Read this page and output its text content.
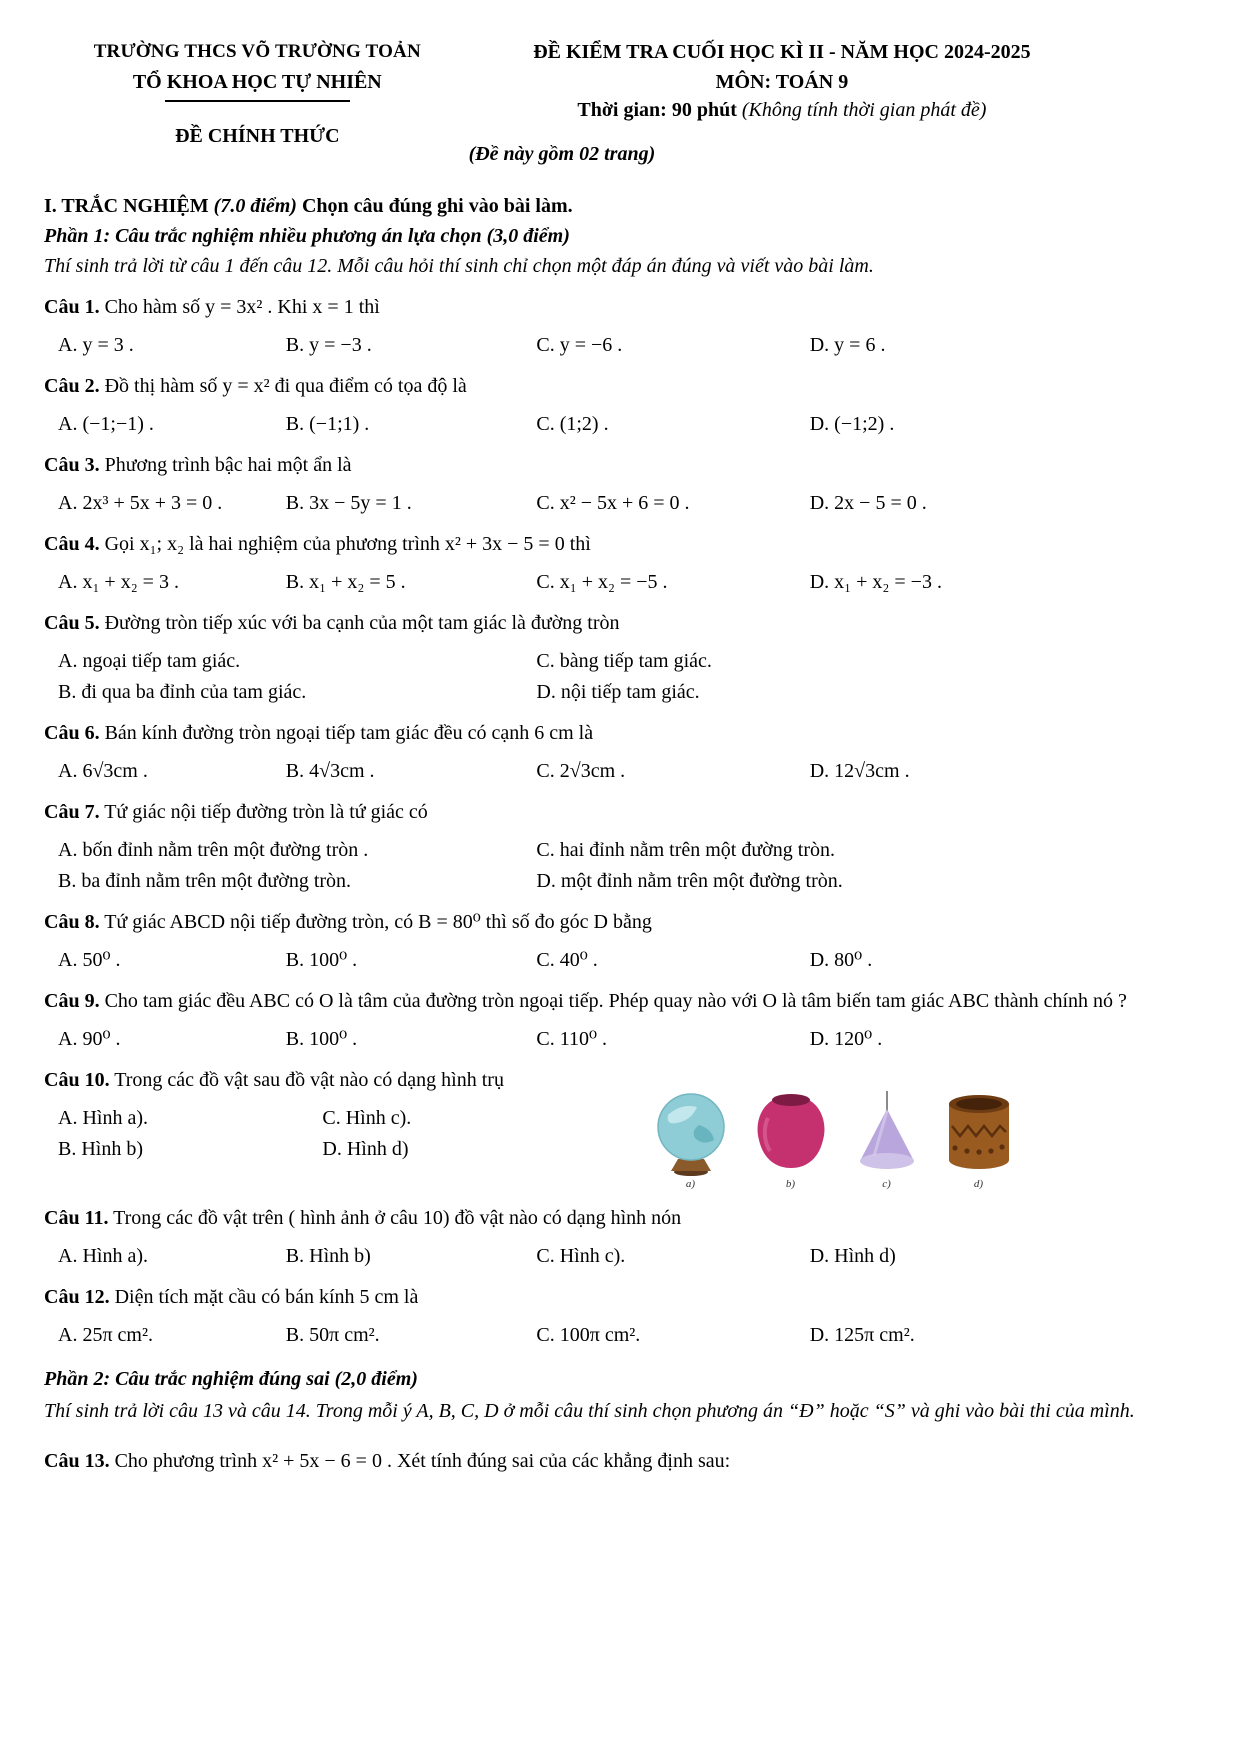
TRƯỜNG THCS VÕ TRƯỜNG TOẢN
TỔ KHOA HỌC TỰ NHIÊN
ĐỀ CHÍNH THỨC
ĐỀ KIỂM TRA CUỐI HỌC KÌ II - NĂM HỌC 2024-2025
MÔN: TOÁN 9
Thời gian: 90 phút (Không tính thời gian phát đề)
(Đề này gồm 02 trang)
I. TRẮC NGHIỆM (7.0 điểm) Chọn câu đúng ghi vào bài làm.
Phần 1: Câu trắc nghiệm nhiều phương án lựa chọn (3,0 điểm)
Thí sinh trả lời từ câu 1 đến câu 12. Mỗi câu hỏi thí sinh chỉ chọn một đáp án đúng và viết vào bài làm.

Câu 1. Cho hàm số y = 3x² . Khi x = 1 thì

A. y = 3 .	B. y = −3 .	C. y = −6 .	D. y = 6 .

Câu 2. Đồ thị hàm số y = x² đi qua điểm có tọa độ là

A. (−1;−1) .	B. (−1;1) .	C. (1;2) .	D. (−1;2) .

Câu 3. Phương trình bậc hai một ẩn là

A. 2x³ + 5x + 3 = 0 .	B. 3x − 5y = 1 .	C. x² − 5x + 6 = 0 .	D. 2x − 5 = 0 .

Câu 4. Gọi x₁; x₂ là hai nghiệm của phương trình x² + 3x − 5 = 0 thì

A. x₁ + x₂ = 3 .	B. x₁ + x₂ = 5 .	C. x₁ + x₂ = −5 .	D. x₁ + x₂ = −3 .

Câu 5. Đường tròn tiếp xúc với ba cạnh của một tam giác là đường tròn

A. ngoại tiếp tam giác.	C. bàng tiếp tam giác.
B. đi qua ba đỉnh của tam giác.	D. nội tiếp tam giác.

Câu 6. Bán kính đường tròn ngoại tiếp tam giác đều có cạnh 6 cm là

A. 6√3cm .	B. 4√3cm .	C. 2√3cm .	D. 12√3cm .

Câu 7. Tứ giác nội tiếp đường tròn là tứ giác có

A. bốn đỉnh nằm trên một đường tròn .	C. hai đỉnh nằm trên một đường tròn.
B. ba đỉnh nằm trên một đường tròn.	D. một đỉnh nằm trên một đường tròn.

Câu 8. Tứ giác ABCD nội tiếp đường tròn, có B = 80⁰ thì số đo góc D bằng

A. 50⁰ .	B. 100⁰ .	C. 40⁰ .	D. 80⁰ .

Câu 9. Cho tam giác đều ABC có O là tâm của đường tròn ngoại tiếp. Phép quay nào với O là tâm biến tam giác ABC thành chính nó ?

A. 90⁰ .	B. 100⁰ .	C. 110⁰ .	D. 120⁰ .

Câu 10. Trong các đồ vật sau đồ vật nào có dạng hình trụ

A. Hình a).	C. Hình c).
B. Hình b)	D. Hình d)
a)	b)	c)	d)

Câu 11. Trong các đồ vật trên ( hình ảnh ở câu 10) đồ vật nào có dạng hình nón

A. Hình a).	B. Hình b)	C. Hình c).	D. Hình d)

Câu 12. Diện tích mặt cầu có bán kính 5 cm là

A. 25π cm².	B. 50π cm².	C. 100π cm².	D. 125π cm².
Phần 2: Câu trắc nghiệm đúng sai (2,0 điểm)
Thí sinh trả lời câu 13 và câu 14. Trong mỗi ý A, B, C, D ở mỗi câu thí sinh chọn phương án “Đ” hoặc “S” và ghi vào bài thi của mình.

Câu 13. Cho phương trình x² + 5x − 6 = 0 . Xét tính đúng sai của các khẳng định sau:
